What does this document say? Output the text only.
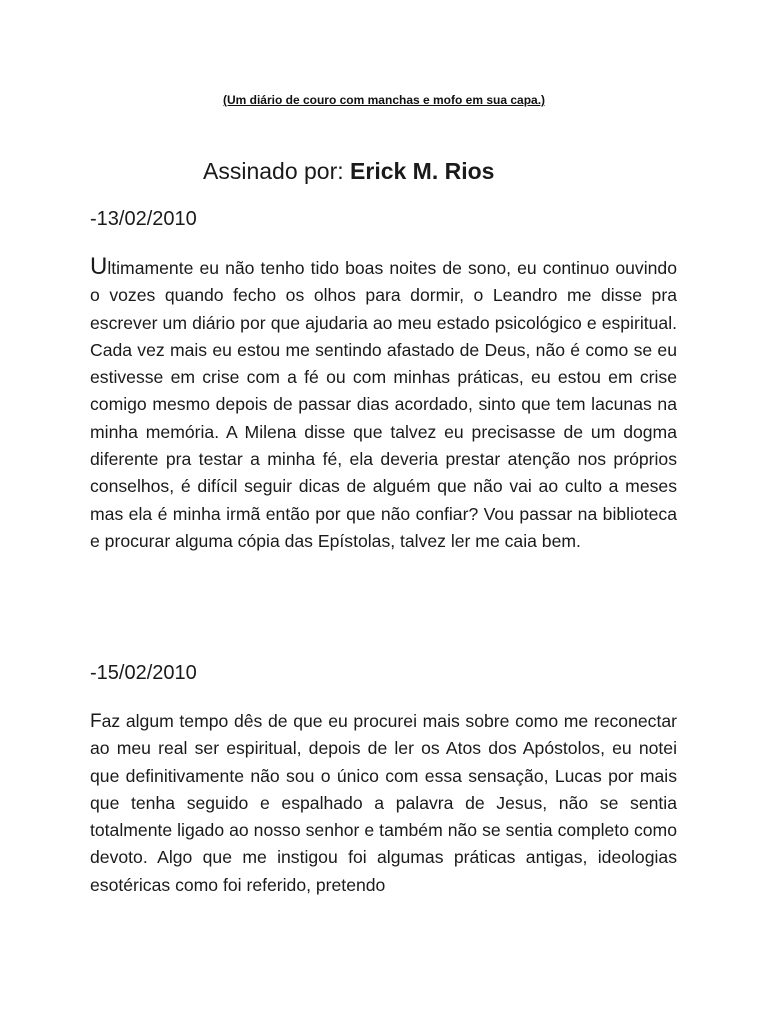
(Um diário de couro com manchas e mofo em sua capa.)
Assinado por: Erick M. Rios
-13/02/2010

Ultimamente eu não tenho tido boas noites de sono, eu continuo ouvindo o vozes quando fecho os olhos para dormir, o Leandro me disse pra escrever um diário por que ajudaria ao meu estado psicológico e espiritual. Cada vez mais eu estou me sentindo afastado de Deus, não é como se eu estivesse em crise com a fé ou com minhas práticas, eu estou em crise comigo mesmo depois de passar dias acordado, sinto que tem lacunas na minha memória. A Milena disse que talvez eu precisasse de um dogma diferente pra testar a minha fé, ela deveria prestar atenção nos próprios conselhos, é difícil seguir dicas de alguém que não vai ao culto a meses mas ela é minha irmã então por que não confiar? Vou passar na biblioteca e procurar alguma cópia das Epístolas, talvez ler me caia bem.

-15/02/2010

Faz algum tempo dês de que eu procurei mais sobre como me reconectar ao meu real ser espiritual, depois de ler os Atos dos Apóstolos, eu notei que definitivamente não sou o único com essa sensação, Lucas por mais que tenha seguido e espalhado a palavra de Jesus, não se sentia totalmente ligado ao nosso senhor e também não se sentia completo como devoto. Algo que me instigou foi algumas práticas antigas, ideologias esotéricas como foi referido, pretendo
